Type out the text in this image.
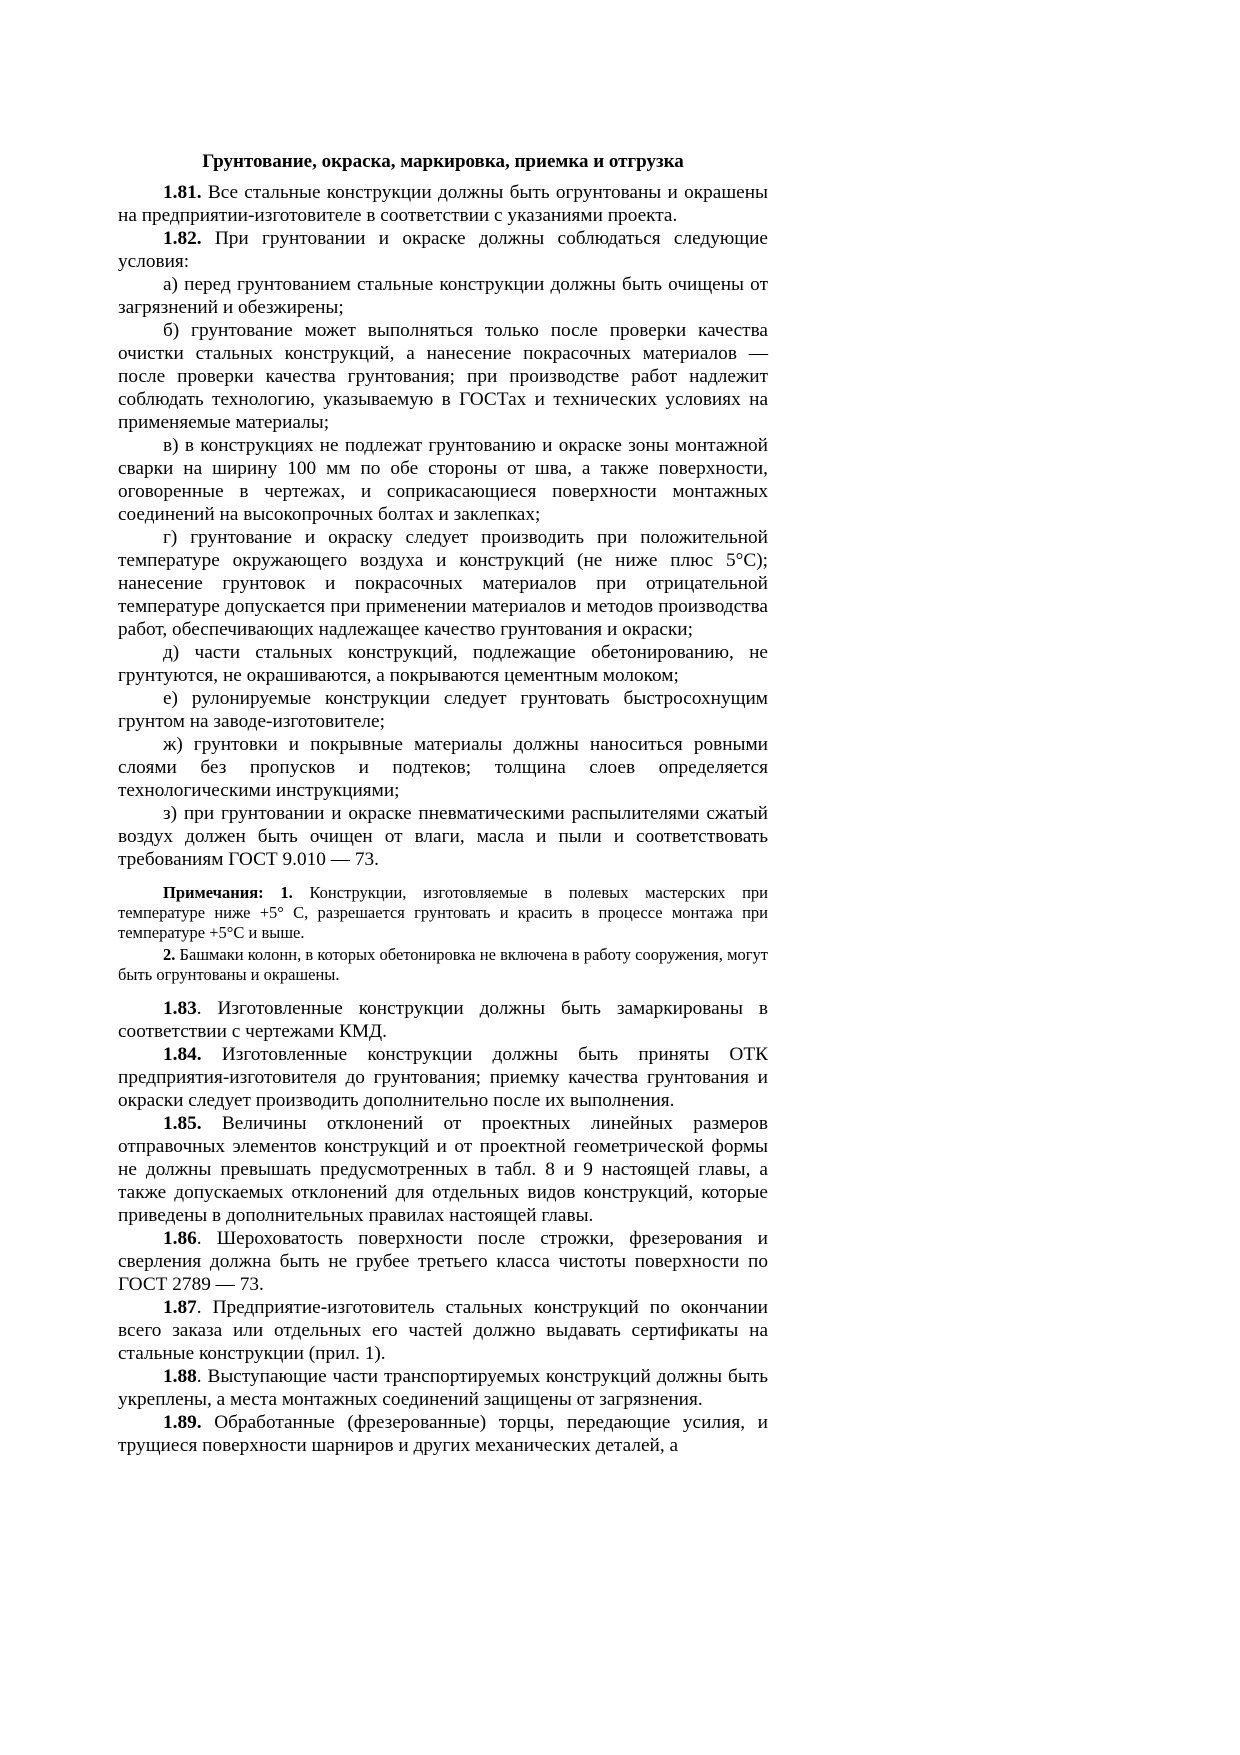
Грунтование, окраска, маркировка, приемка и отгрузка

1.81. Все стальные конструкции должны быть огрунтованы и окрашены на предприятии-изготовителе в соответствии с указаниями проекта.

1.82. При грунтовании и окраске должны соблюдаться следующие условия:

а) перед грунтованием стальные конструкции должны быть очищены от загрязнений и обезжирены;

б) грунтование может выполняться только после проверки качества очистки стальных конструкций, а нанесение покрасочных материалов — после проверки качества грунтования; при производстве работ надлежит соблюдать технологию, указываемую в ГОСТах и технических условиях на применяемые материалы;

в) в конструкциях не подлежат грунтованию и окраске зоны монтажной сварки на ширину 100 мм по обе стороны от шва, а также поверхности, оговоренные в чертежах, и соприкасающиеся поверхности монтажных соединений на высокопрочных болтах и заклепках;

г) грунтование и окраску следует производить при положительной температуре окружающего воздуха и конструкций (не ниже плюс 5°С); нанесение грунтовок и покрасочных материалов при отрицательной температуре допускается при применении материалов и методов производства работ, обеспечивающих надлежащее качество грунтования и окраски;

д) части стальных конструкций, подлежащие обетонированию, не грунтуются, не окрашиваются, а покрываются цементным молоком;

е) рулонируемые конструкции следует грунтовать быстросохнущим грунтом на заводе-изготовителе;

ж) грунтовки и покрывные материалы должны наноситься ровными слоями без пропусков и подтеков; толщина слоев определяется технологическими инструкциями;

з) при грунтовании и окраске пневматическими распылителями сжатый воздух должен быть очищен от влаги, масла и пыли и соответствовать требованиям ГОСТ 9.010 — 73.

Примечания: 1. Конструкции, изготовляемые в полевых мастерских при температуре ниже +5° С, разрешается грунтовать и красить в процессе монтажа при температуре +5°С и выше.

2. Башмаки колонн, в которых обетонировка не включена в работу сооружения, могут быть огрунтованы и окрашены.

1.83. Изготовленные конструкции должны быть замаркированы в соответствии с чертежами КМД.

1.84. Изготовленные конструкции должны быть приняты ОТК предприятия-изготовителя до грунтования; приемку качества грунтования и окраски следует производить дополнительно после их выполнения.

1.85. Величины отклонений от проектных линейных размеров отправочных элементов конструкций и от проектной геометрической формы не должны превышать предусмотренных в табл. 8 и 9 настоящей главы, а также допускаемых отклонений для отдельных видов конструкций, которые приведены в дополнительных правилах настоящей главы.

1.86. Шероховатость поверхности после строжки, фрезерования и сверления должна быть не грубее третьего класса чистоты поверхности по ГОСТ 2789 — 73.

1.87. Предприятие-изготовитель стальных конструкций по окончании всего заказа или отдельных его частей должно выдавать сертификаты на стальные конструкции (прил. 1).

1.88. Выступающие части транспортируемых конструкций должны быть укреплены, а места монтажных соединений защищены от загрязнения.

1.89. Обработанные (фрезерованные) торцы, передающие усилия, и трущиеся поверхности шарниров и других механических деталей, а
